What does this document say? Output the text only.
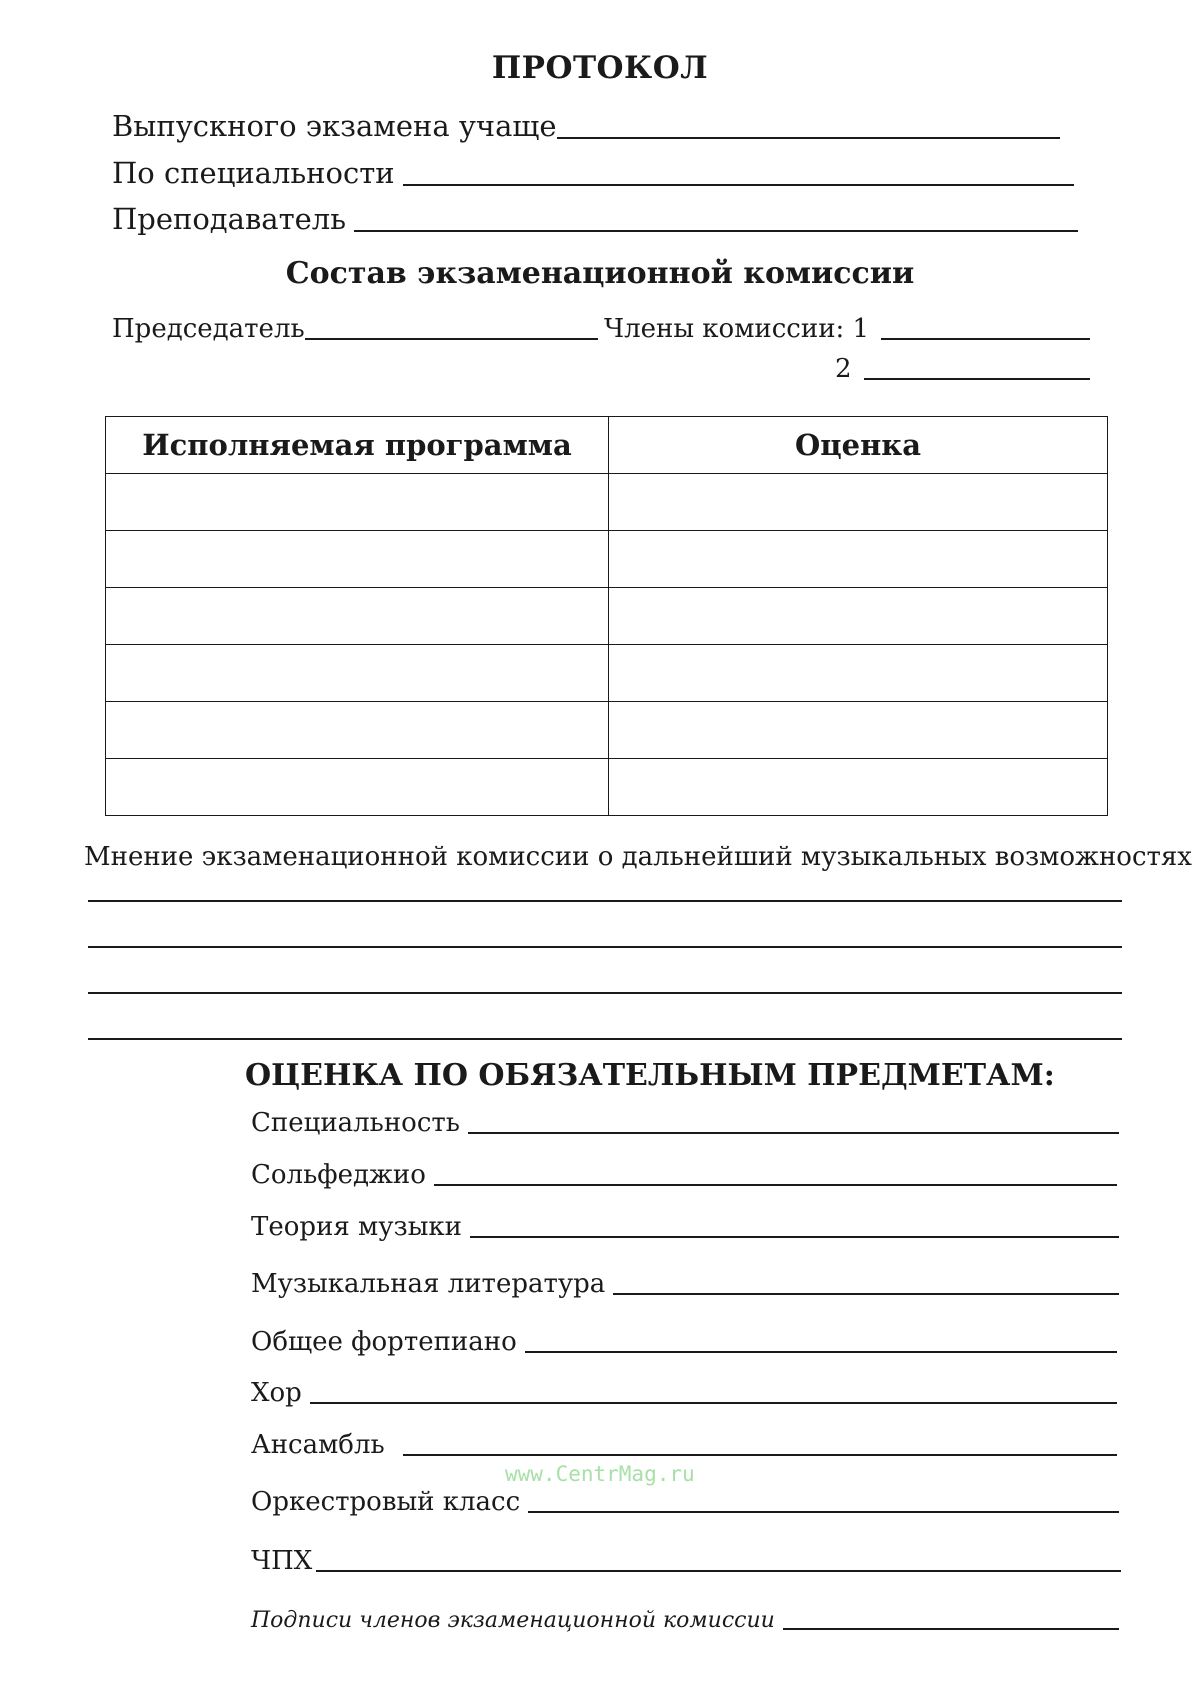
ПРОТОКОЛ
Выпускного экзамена учаще
По специальности
Преподаватель
Состав экзаменационной комиссии
Председатель	Члены комиссии: 1
2
Исполняемая программа	Оценка

Мнение экзаменационной комиссии о дальнейший музыкальных возможностях
ОЦЕНКА ПО ОБЯЗАТЕЛЬНЫМ ПРЕДМЕТАМ:
Специальность
Сольфеджио
Теория музыки
Музыкальная литература
Общее фортепиано
Хор
Ансамбль
Оркестровый класс
ЧПХ
Подписи членов экзаменационной комиссии
www.CentrMag.ru
